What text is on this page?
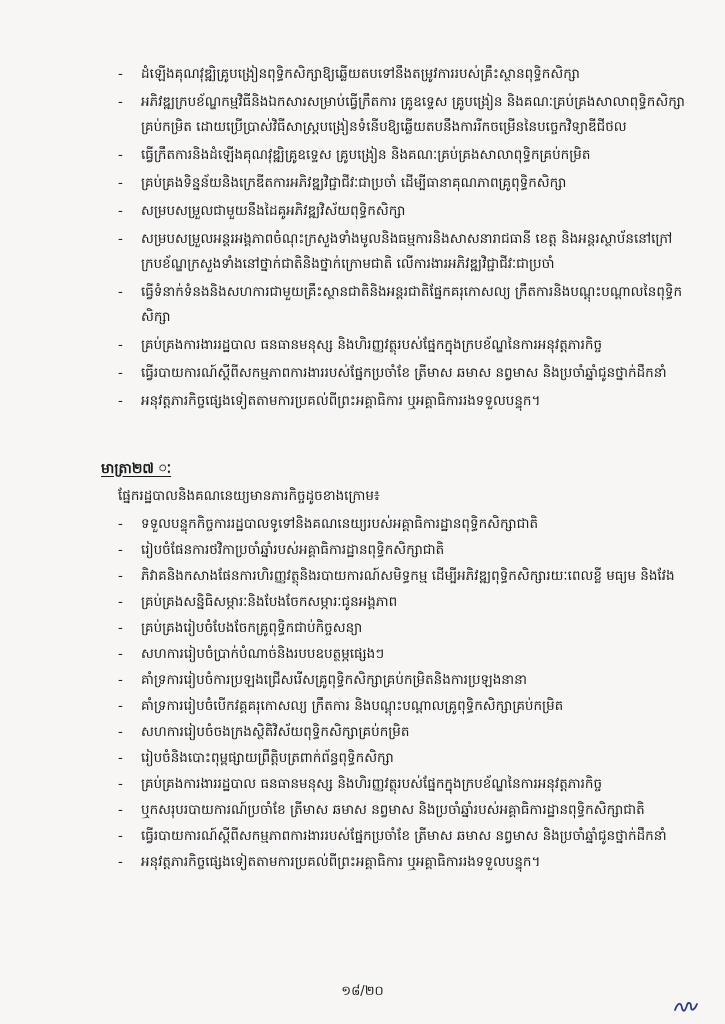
- ដំឡើងគុណវុឌ្ឍិគ្រូបង្រៀនពុទ្ធិកសិក្សាឱ្យឆ្លើយតបទៅនឹងតម្រូវការរបស់គ្រឹះស្ថានពុទ្ធិកសិក្សា
- អភិវឌ្ឍក្របខ័ណ្ឌកម្មវិធីនិងឯកសារសម្រាប់ធ្វើក្រឹតការ គ្រូឧទ្ទេស គ្រូបង្រៀន និងគណៈគ្រប់គ្រងសាលាពុទ្ធិកសិក្សាគ្រប់កម្រិត ដោយប្រើប្រាស់វិធីសាស្ត្របង្រៀនទំនើបឱ្យឆ្លើយតបនឹងការរីកចម្រើននៃបច្ចេកវិទ្យាឌីជីថល
- ធ្វើក្រឹតការនិងដំឡើងគុណវុឌ្ឍិគ្រូឧទ្ទេស គ្រូបង្រៀន និងគណៈគ្រប់គ្រងសាលាពុទ្ធិកគ្រប់កម្រិត
- គ្រប់គ្រងទិន្នន័យនិងក្រេឌីតការអភិវឌ្ឍវិជ្ជាជីវៈជាប្រចាំ ដើម្បីធានាគុណភាពគ្រូពុទ្ធិកសិក្សា
- សម្របសម្រួលជាមួយនឹងដៃគូអភិវឌ្ឍវិស័យពុទ្ធិកសិក្សា
- សម្របសម្រួលអន្តរអង្គភាពចំណុះក្រសួងទាំងមូលនិងធម្មការនិងសាសនារាជធានី ខេត្ត និងអន្តរស្ថាប័ននៅក្រៅក្របខ័ណ្ឌក្រសួងទាំងនៅថ្នាក់ជាតិនិងថ្នាក់ក្រោមជាតិ លើការងារអភិវឌ្ឍវិជ្ជាជីវៈជាប្រចាំ
- ធ្វើទំនាក់ទំនងនិងសហការជាមួយគ្រឹះស្ថានជាតិនិងអន្តរជាតិផ្នែកគរុកោសល្យ ក្រឹតការនិងបណ្តុះបណ្តាលនៃពុទ្ធិកសិក្សា
- គ្រប់គ្រងការងាររដ្ឋបាល ធនធានមនុស្ស និងហិរញ្ញវត្ថុរបស់ផ្នែកក្នុងក្របខ័ណ្ឌនៃការអនុវត្តភារកិច្ច
- ធ្វើរបាយការណ៍ស្តីពីសកម្មភាពការងាររបស់ផ្នែកប្រចាំខែ ត្រីមាស ឆមាស នព្វមាស និងប្រចាំឆ្នាំជូនថ្នាក់ដឹកនាំ
- អនុវត្តភារកិច្ចផ្សេងទៀតតាមការប្រគល់ពីព្រះអគ្គាធិការ ឬអគ្គាធិការរងទទួលបន្ទុក។
មាត្រា២៧ ៈ
ផ្នែករដ្ឋបាលនិងគណនេយ្យមានភារកិច្ចដូចខាងក្រោម៖
- ទទួលបន្ទុកកិច្ចការរដ្ឋបាលទូទៅនិងគណនេយ្យរបស់អគ្គាធិការដ្ឋានពុទ្ធិកសិក្សាជាតិ
- រៀបចំផែនការថវិកាប្រចាំឆ្នាំរបស់អគ្គាធិការដ្ឋានពុទ្ធិកសិក្សាជាតិ
- ភិវាគនិងកសាងផែនការហិរញ្ញវត្ថុនិងរបាយការណ៍សមិទ្ធកម្ម ដើម្បីអភិវឌ្ឍពុទ្ធិកសិក្សារយៈពេលខ្លី មធ្យម និងវែង
- គ្រប់គ្រងសន្និធិសម្ភារៈនិងបែងចែកសម្ភារៈជូនអង្គភាព
- គ្រប់គ្រងរៀបចំបែងចែកគ្រូពុទ្ធិកជាប់កិច្ចសន្យា
- សហការរៀបចំប្រាក់បំណាច់និងរបបឧបត្ថម្ភផ្សេងៗ
- គាំទ្រការរៀបចំការប្រឡងជ្រើសរើសគ្រូពុទ្ធិកសិក្សាគ្រប់កម្រិតនិងការប្រឡងនានា
- គាំទ្រការរៀបចំបើកវគ្គគរុកោសល្យ ក្រឹតការ និងបណ្តុះបណ្តាលគ្រូពុទ្ធិកសិក្សាគ្រប់កម្រិត
- សហការរៀបចំចងក្រងស្ថិតិវិស័យពុទ្ធិកសិក្សាគ្រប់កម្រិត
- រៀបចំនិងបោះពុម្ពផ្សាយព្រឹត្តិបត្រពាក់ព័ន្ធពុទ្ធិកសិក្សា
- គ្រប់គ្រងការងាររដ្ឋបាល ធនធានមនុស្ស និងហិរញ្ញវត្ថុរបស់ផ្នែកក្នុងក្របខ័ណ្ឌនៃការអនុវត្តភារកិច្ច
- ឬកសរុបរបាយការណ៍ប្រចាំខែ ត្រីមាស ឆមាស នព្វមាស និងប្រចាំឆ្នាំរបស់អគ្គាធិការដ្ឋានពុទ្ធិកសិក្សាជាតិ
- ធ្វើរបាយការណ៍ស្តីពីសកម្មភាពការងាររបស់ផ្នែកប្រចាំខែ ត្រីមាស ឆមាស នព្វមាស និងប្រចាំឆ្នាំជូនថ្នាក់ដឹកនាំ
- អនុវត្តភារកិច្ចផ្សេងទៀតតាមការប្រគល់ពីព្រះអគ្គាធិការ ឬអគ្គាធិការរងទទួលបន្ទុក។
១៨/២០
